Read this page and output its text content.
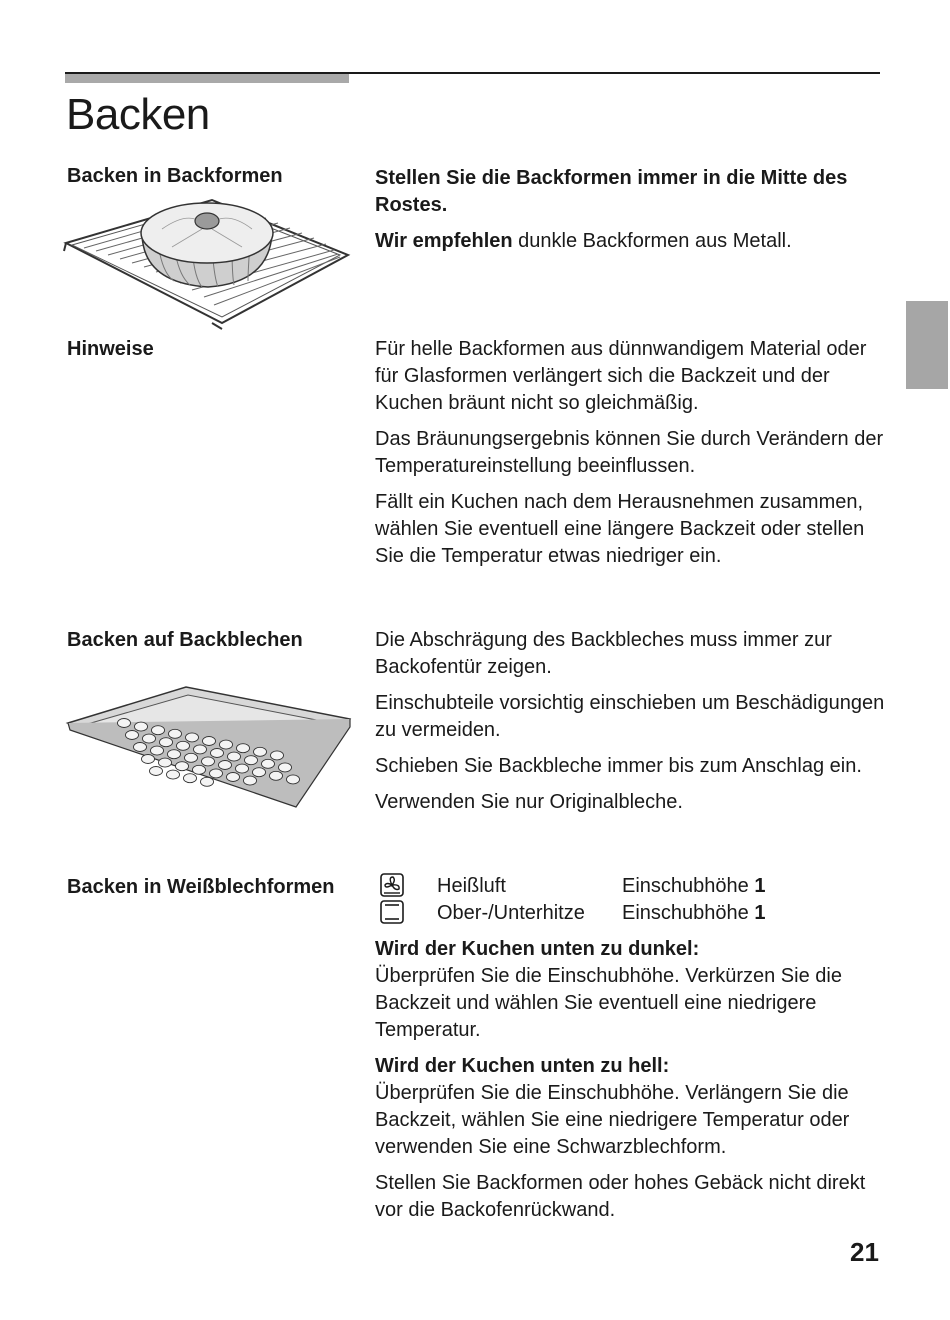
Backen
Backen in Backformen	Stellen Sie die Backformen immer in die Mitte des Rostes.

Wir empfehlen dunkle Backformen aus Metall.

Hinweise	Für helle Backformen aus dünnwandigem Material oder für Glasformen verlängert sich die Backzeit und der Kuchen bräunt nicht so gleichmäßig.

Das Bräunungsergebnis können Sie durch Verändern der Temperatureinstellung beeinflussen.

Fällt ein Kuchen nach dem Herausnehmen zusammen, wählen Sie eventuell eine längere Backzeit oder stellen Sie die Temperatur etwas niedriger ein.

Backen auf Backblechen	Die Abschrägung des Backbleches muss immer zur Backofentür zeigen.

Einschubteile vorsichtig einschieben um Beschädigungen zu vermeiden.

Schieben Sie Backbleche immer bis zum Anschlag ein.

Verwenden Sie nur Originalbleche.

Backen in Weißblechformen	Heißluft	Einschubhöhe 1
Ober-/Unterhitze	Einschubhöhe 1

Wird der Kuchen unten zu dunkel:
Überprüfen Sie die Einschubhöhe. Verkürzen Sie die Backzeit und wählen Sie eventuell eine niedrigere Temperatur.

Wird der Kuchen unten zu hell:
Überprüfen Sie die Einschubhöhe. Verlängern Sie die Backzeit, wählen Sie eine niedrigere Temperatur oder verwenden Sie eine Schwarzblechform.

Stellen Sie Backformen oder hohes Gebäck nicht direkt vor die Backofenrückwand.

21
